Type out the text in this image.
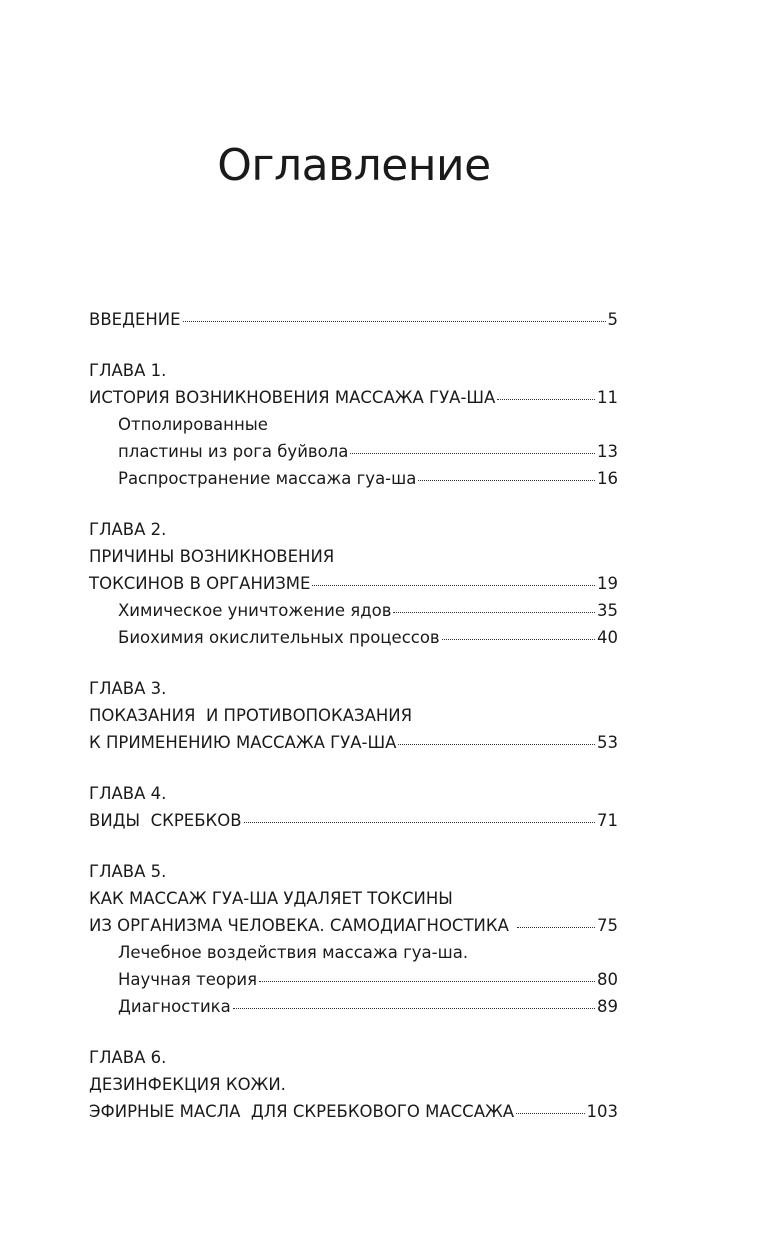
Оглавление
ВВЕДЕНИЕ	5
ГЛАВА 1.
ИСТОРИЯ ВОЗНИКНОВЕНИЯ МАССАЖА ГУА-ША	11
Отполированные
пластины из рога буйвола	13
Распространение массажа гуа-ша	16
ГЛАВА 2.
ПРИЧИНЫ ВОЗНИКНОВЕНИЯ
ТОКСИНОВ В ОРГАНИЗМЕ	19
Химическое уничтожение ядов	35
Биохимия окислительных процессов	40
ГЛАВА 3.
ПОКАЗАНИЯ  И ПРОТИВОПОКАЗАНИЯ
К ПРИМЕНЕНИЮ МАССАЖА ГУА-ША	53
ГЛАВА 4.
ВИДЫ  СКРЕБКОВ	71
ГЛАВА 5.
КАК МАССАЖ ГУА-ША УДАЛЯЕТ ТОКСИНЫ
ИЗ ОРГАНИЗМА ЧЕЛОВЕКА. САМОДИАГНОСТИКА	75
Лечебное воздействия массажа гуа-ша.
Научная теория	80
Диагностика	89
ГЛАВА 6.
ДЕЗИНФЕКЦИЯ КОЖИ.
ЭФИРНЫЕ МАСЛА  ДЛЯ СКРЕБКОВОГО МАССАЖА	103
